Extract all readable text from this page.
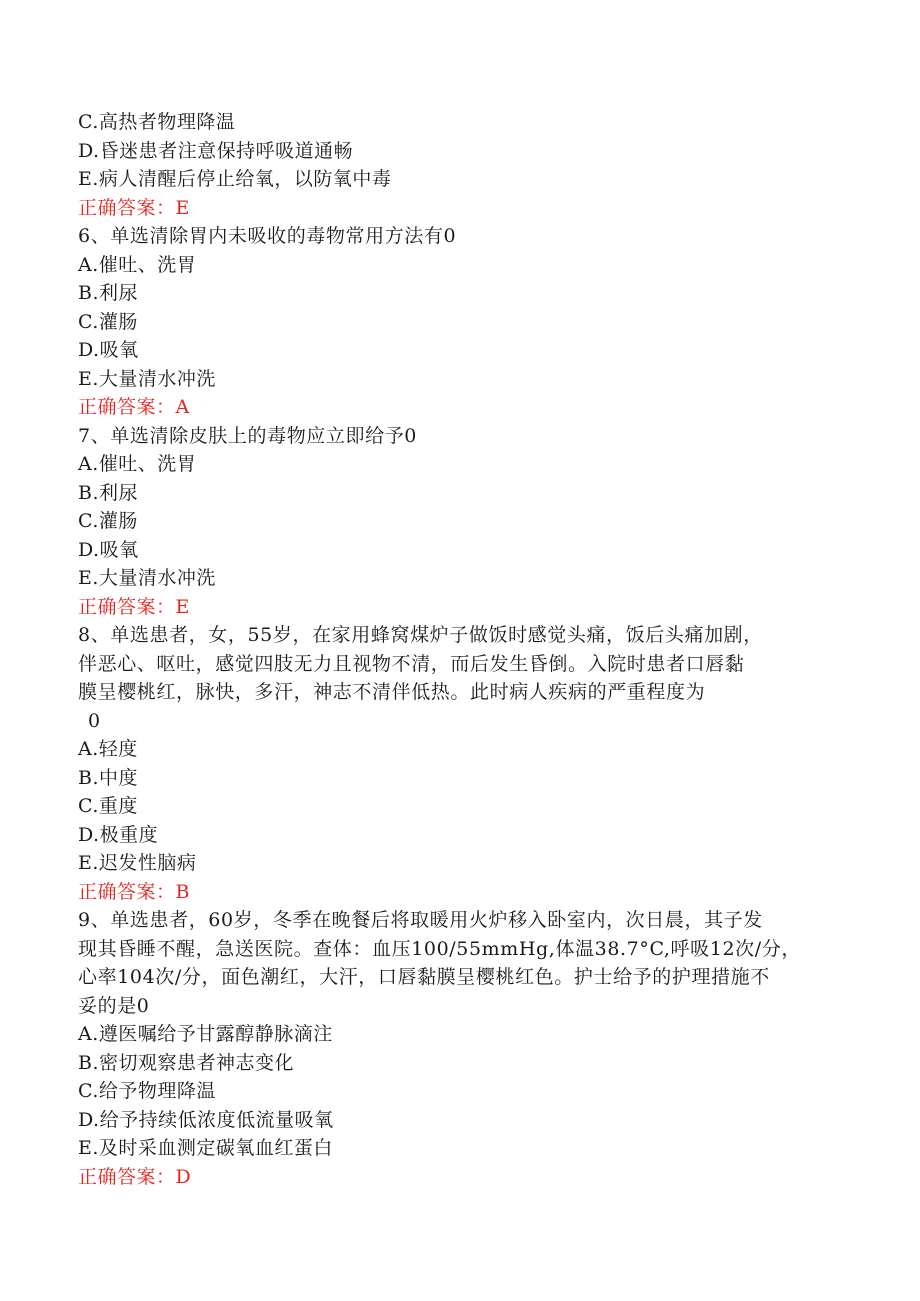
C.高热者物理降温
D.昏迷患者注意保持呼吸道通畅
E.病人清醒后停止给氧，以防氧中毒
正确答案：E
6、单选清除胃内未吸收的毒物常用方法有0
A.催吐、洗胃
B.利尿
C.灌肠
D.吸氧
E.大量清水冲洗
正确答案：A
7、单选清除皮肤上的毒物应立即给予0
A.催吐、洗胃
B.利尿
C.灌肠
D.吸氧
E.大量清水冲洗
正确答案：E
8、单选患者，女，55岁，在家用蜂窝煤炉子做饭时感觉头痛，饭后头痛加剧，
伴恶心、呕吐，感觉四肢无力且视物不清，而后发生昏倒。入院时患者口唇黏
膜呈樱桃红，脉快，多汗，神志不清伴低热。此时病人疾病的严重程度为
0
A.轻度
B.中度
C.重度
D.极重度
E.迟发性脑病
正确答案：B
9、单选患者，60岁，冬季在晚餐后将取暖用火炉移入卧室内，次日晨，其子发
现其昏睡不醒，急送医院。查体：血压100/55mmHg,体温38.7°C,呼吸12次/分，
心率104次/分，面色潮红，大汗，口唇黏膜呈樱桃红色。护士给予的护理措施不
妥的是0
A.遵医嘱给予甘露醇静脉滴注
B.密切观察患者神志变化
C.给予物理降温
D.给予持续低浓度低流量吸氧
E.及时采血测定碳氧血红蛋白
正确答案：D
